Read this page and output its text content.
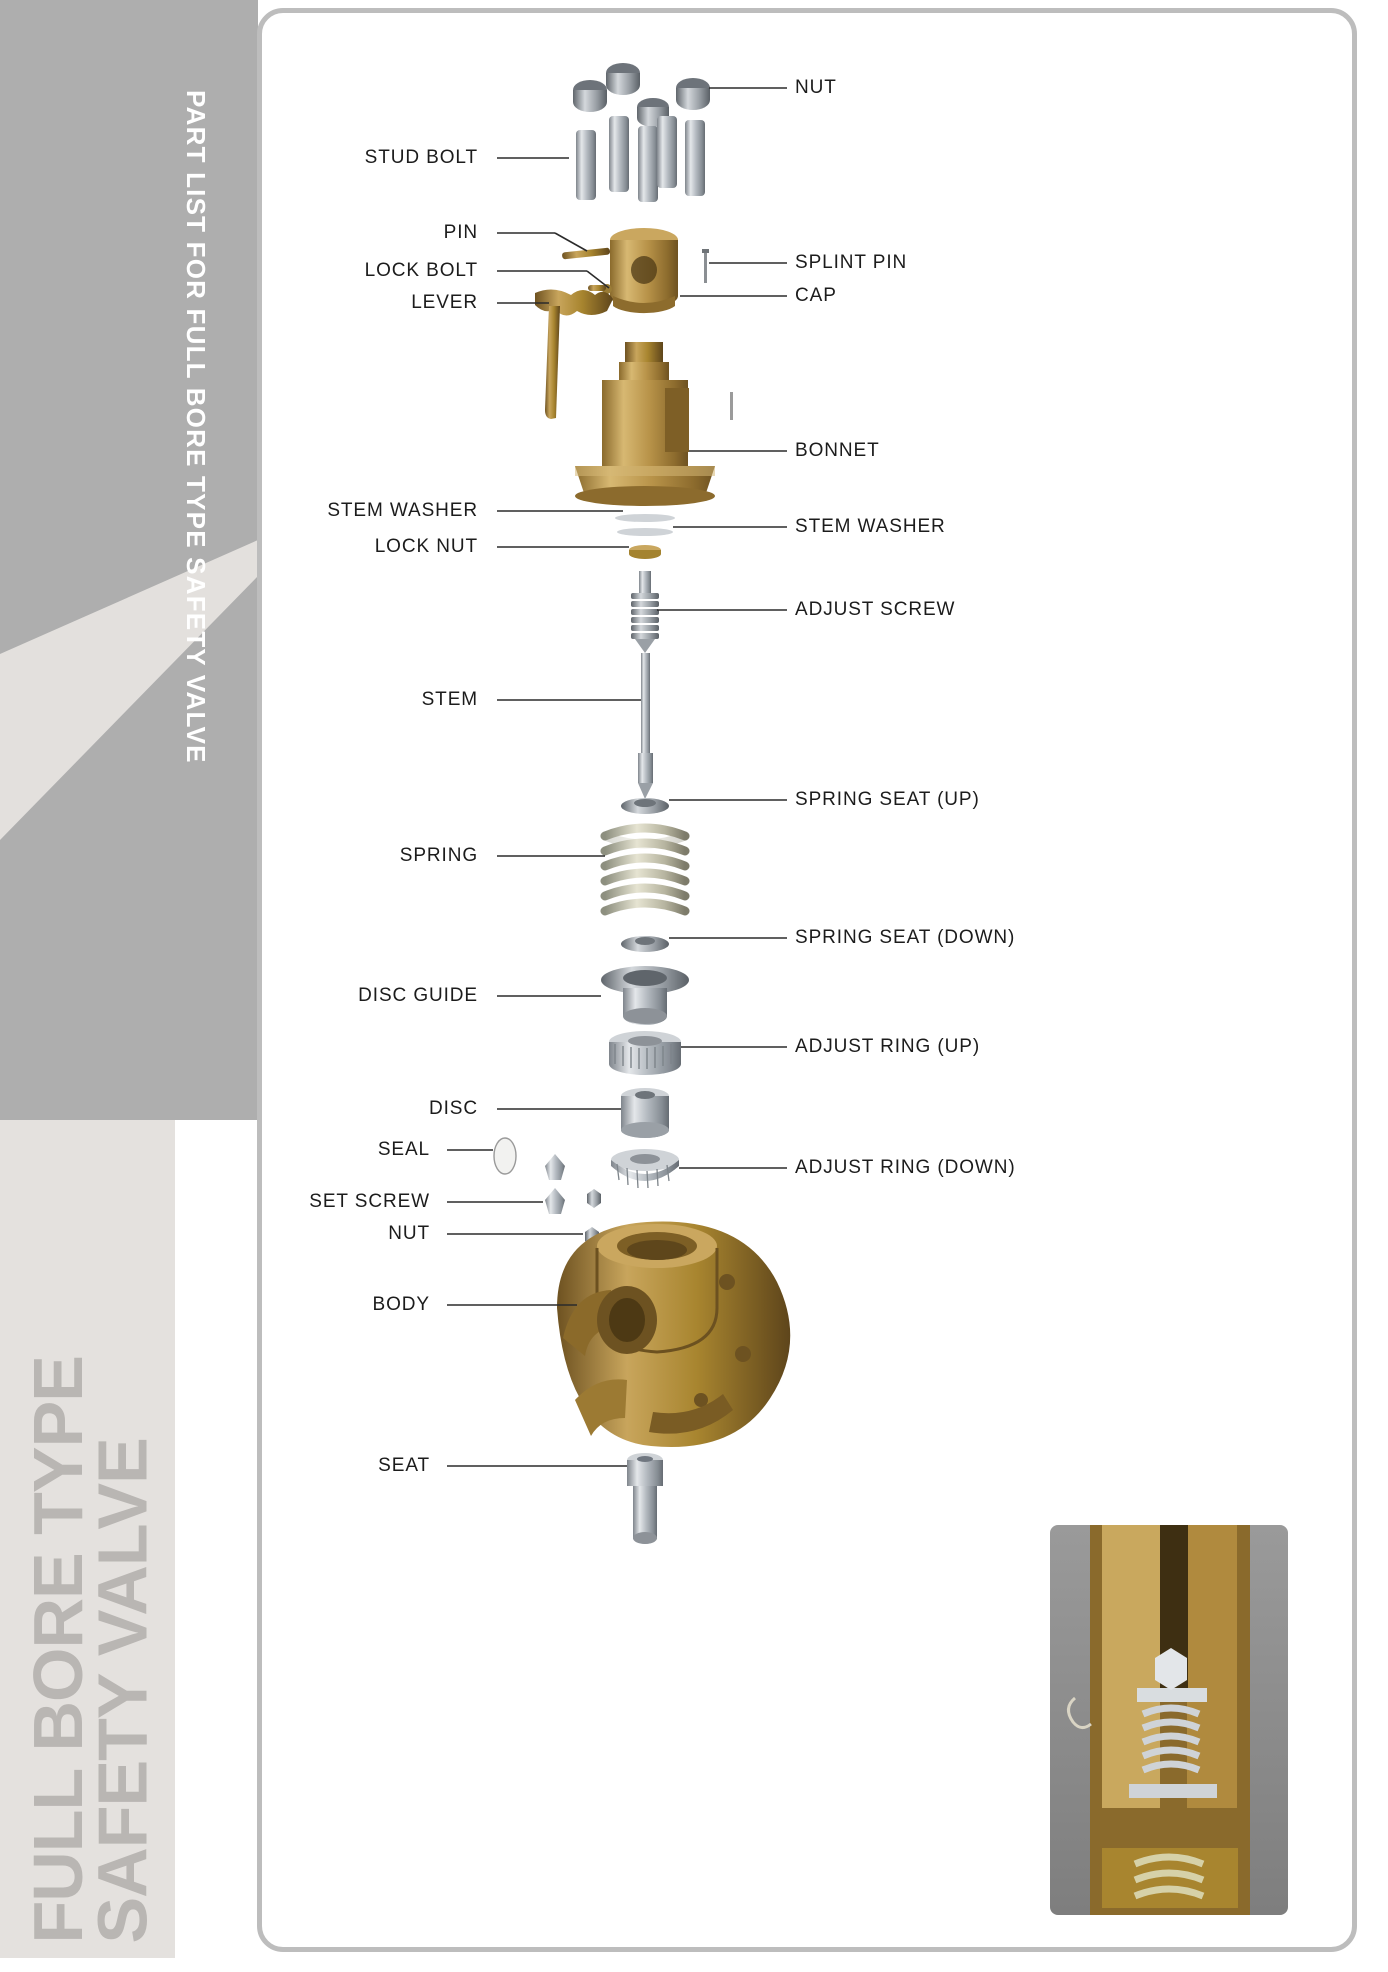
PART LIST FOR FULL BORE TYPE SAFETY VALVE
FULL BORE TYPE
SAFETY VALVE
NUT
SPLINT PIN
CAP
BONNET
STEM WASHER
ADJUST SCREW
SPRING SEAT (UP)
SPRING SEAT (DOWN)
ADJUST RING (UP)
ADJUST RING (DOWN)
STUD BOLT
PIN
LOCK BOLT
LEVER
STEM WASHER
LOCK NUT
STEM
SPRING
DISC GUIDE
DISC
SEAL
SET SCREW
NUT
BODY
SEAT
